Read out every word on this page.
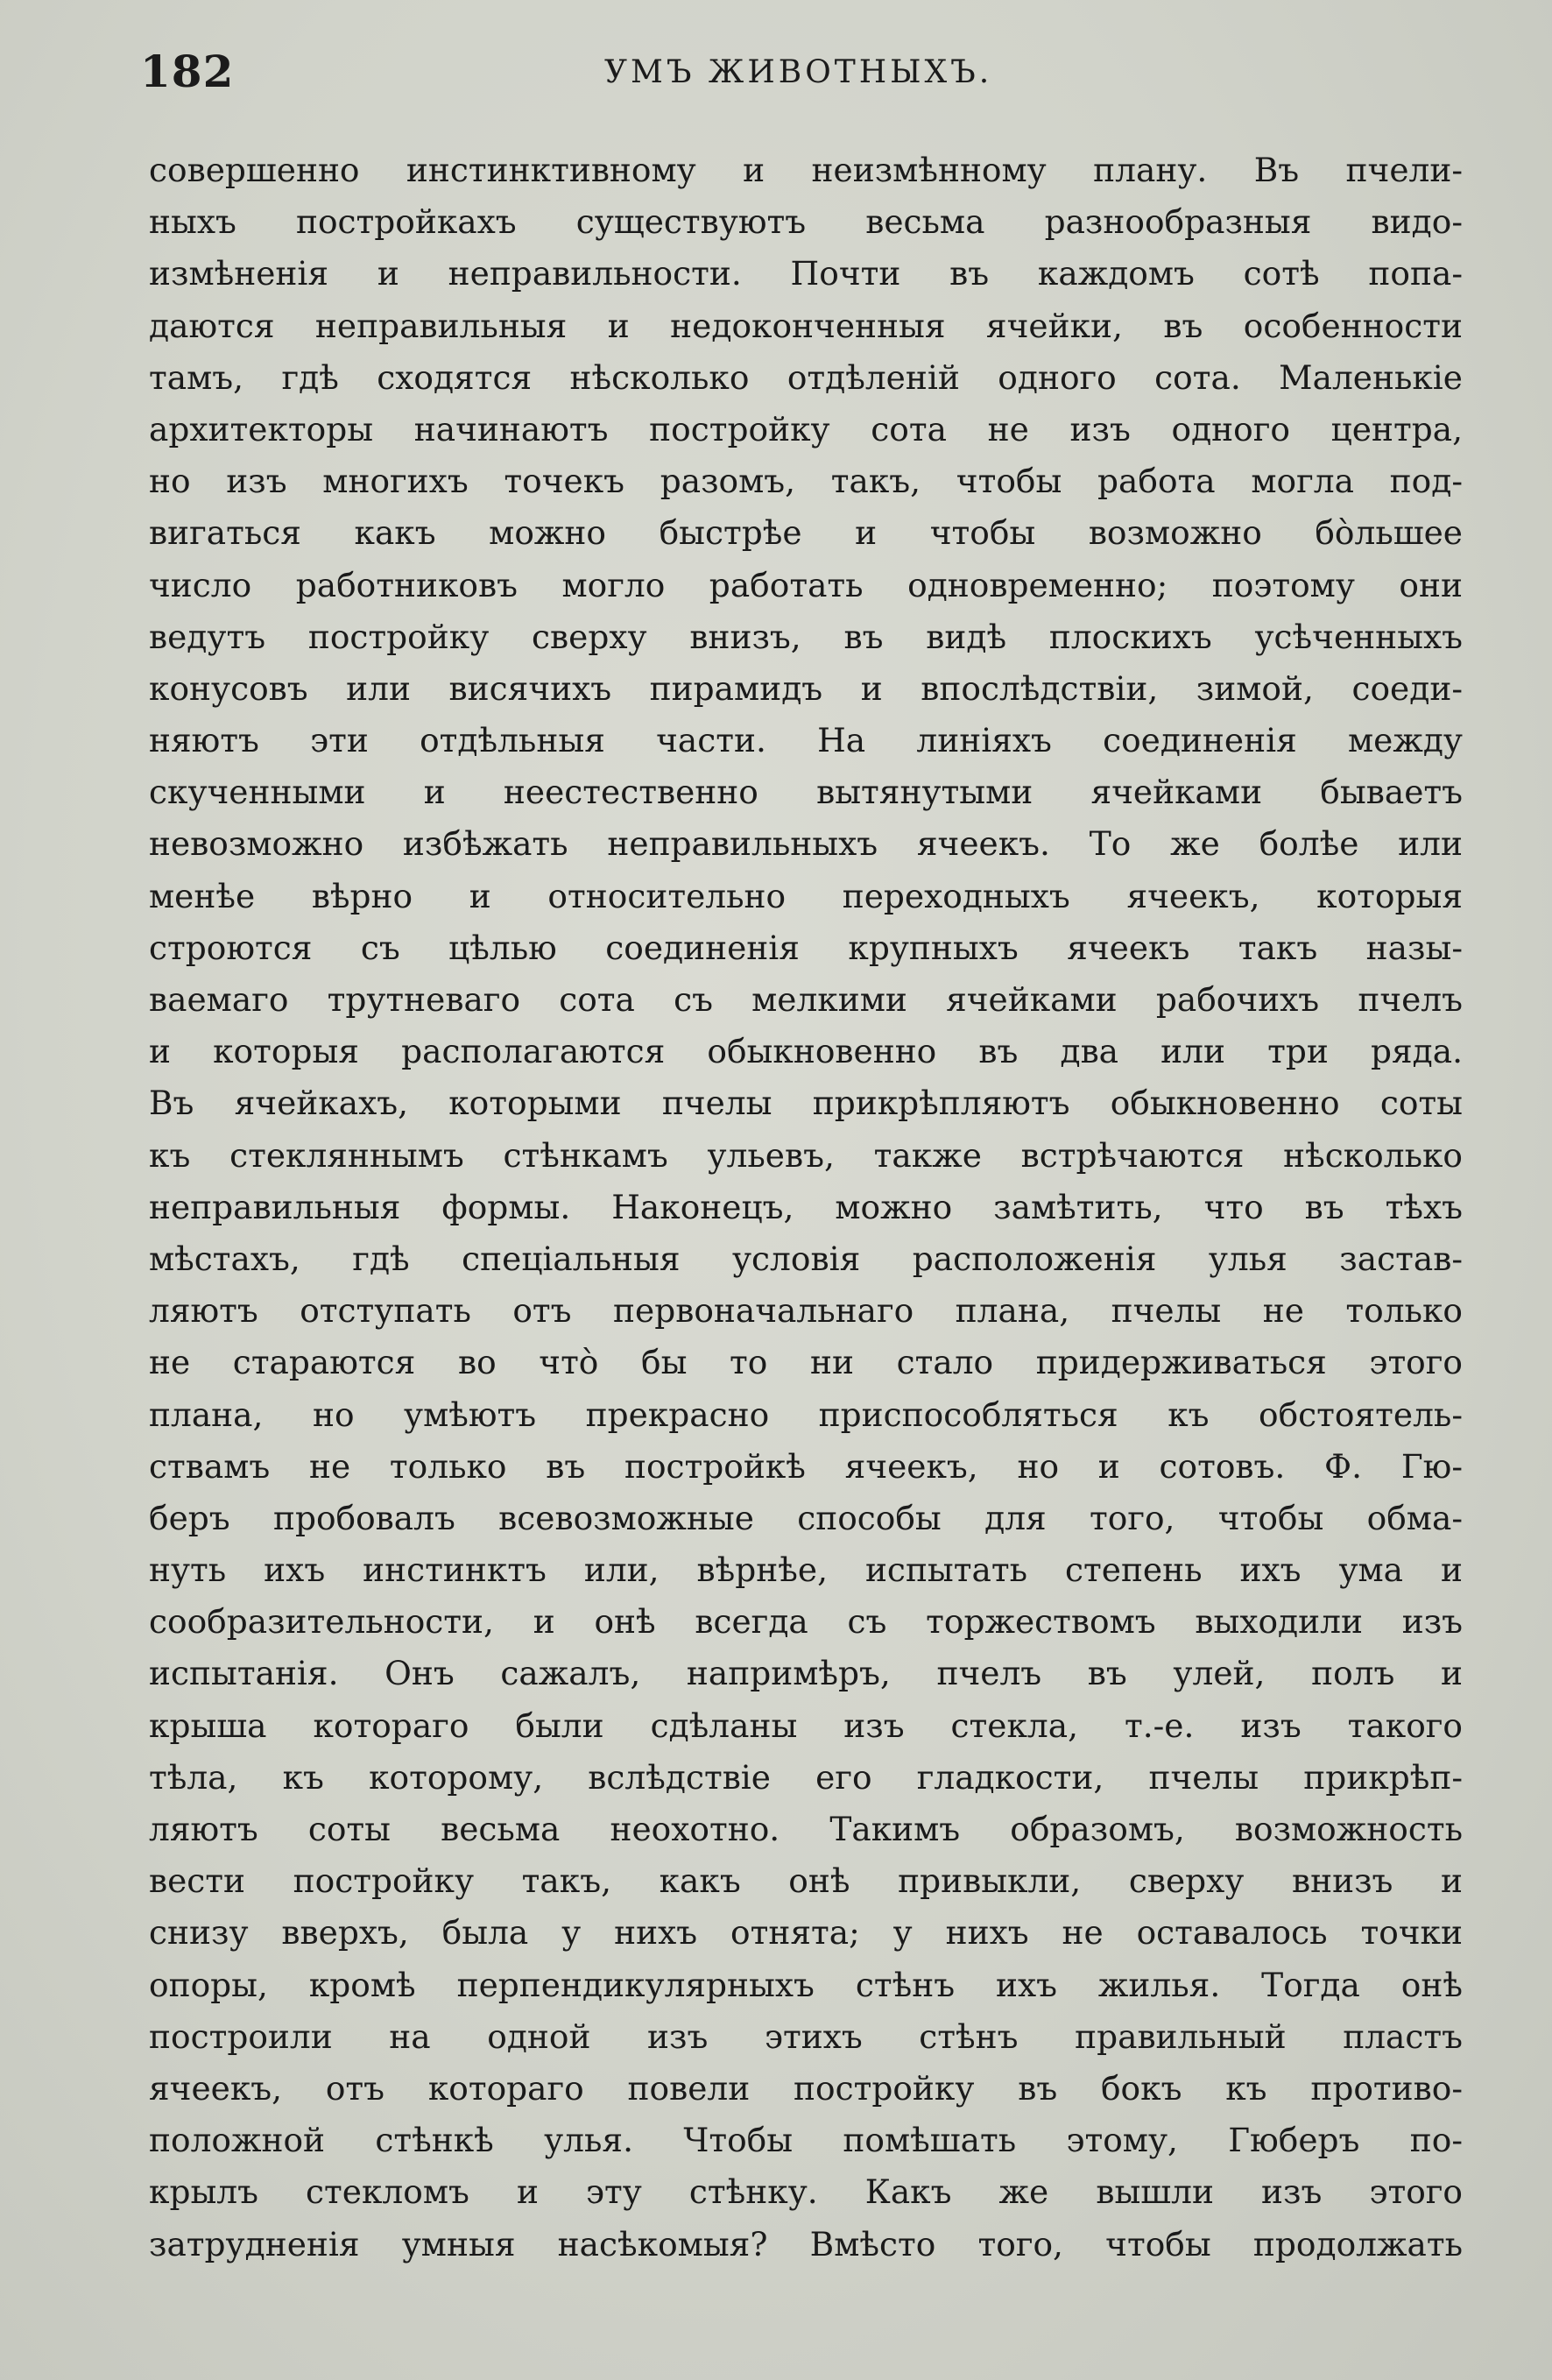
182	УМЪ ЖИВОТНЫХЪ.
совершенно инстинктивному и неизмѣнному плану. Въ пчели-
ныхъ постройкахъ существуютъ весьма разнообразныя видо-
измѣненія и неправильности. Почти въ каждомъ сотѣ попа-
даются неправильныя и недоконченныя ячейки, въ особенности
тамъ, гдѣ сходятся нѣсколько отдѣленій одного сота. Маленькіе
архитекторы начинаютъ постройку сота не изъ одного центра,
но изъ многихъ точекъ разомъ, такъ, чтобы работа могла под-
вигаться какъ можно быстрѣе и чтобы возможно бо̀льшее
число работниковъ могло работать одновременно; поэтому они
ведутъ постройку сверху внизъ, въ видѣ плоскихъ усѣченныхъ
конусовъ или висячихъ пирамидъ и впослѣдствіи, зимой, соеди-
няютъ эти отдѣльныя части. На линіяхъ соединенія между
скученными и неестественно вытянутыми ячейками бываетъ
невозможно избѣжать неправильныхъ ячеекъ. То же болѣе или
менѣе вѣрно и относительно переходныхъ ячеекъ, которыя
строются съ цѣлью соединенія крупныхъ ячеекъ такъ назы-
ваемаго трутневаго сота съ мелкими ячейками рабочихъ пчелъ
и которыя располагаются обыкновенно въ два или три ряда.
Въ ячейкахъ, которыми пчелы прикрѣпляютъ обыкновенно соты
къ стекляннымъ стѣнкамъ ульевъ, также встрѣчаются нѣсколько
неправильныя формы. Наконецъ, можно замѣтить, что въ тѣхъ
мѣстахъ, гдѣ спеціальныя условія расположенія улья застав-
ляютъ отступать отъ первоначальнаго плана, пчелы не только
не стараются во что̀ бы то ни стало придерживаться этого
плана, но умѣютъ прекрасно приспособляться къ обстоятель-
ствамъ не только въ постройкѣ ячеекъ, но и сотовъ. Ф. Гю-
беръ пробовалъ всевозможные способы для того, чтобы обма-
нуть ихъ инстинктъ или, вѣрнѣе, испытать степень ихъ ума и
сообразительности, и онѣ всегда съ торжествомъ выходили изъ
испытанія. Онъ сажалъ, напримѣръ, пчелъ въ улей, полъ и
крыша котораго были сдѣланы изъ стекла, т.-е. изъ такого
тѣла, къ которому, вслѣдствіе его гладкости, пчелы прикрѣп-
ляютъ соты весьма неохотно. Такимъ образомъ, возможность
вести постройку такъ, какъ онѣ привыкли, сверху внизъ и
снизу вверхъ, была у нихъ отнята; у нихъ не оставалось точки
опоры, кромѣ перпендикулярныхъ стѣнъ ихъ жилья. Тогда онѣ
построили на одной изъ этихъ стѣнъ правильный пластъ
ячеекъ, отъ котораго повели постройку въ бокъ къ противо-
положной стѣнкѣ улья. Чтобы помѣшать этому, Гюберъ по-
крылъ стекломъ и эту стѣнку. Какъ же вышли изъ этого
затрудненія умныя насѣкомыя? Вмѣсто того, чтобы продолжать
